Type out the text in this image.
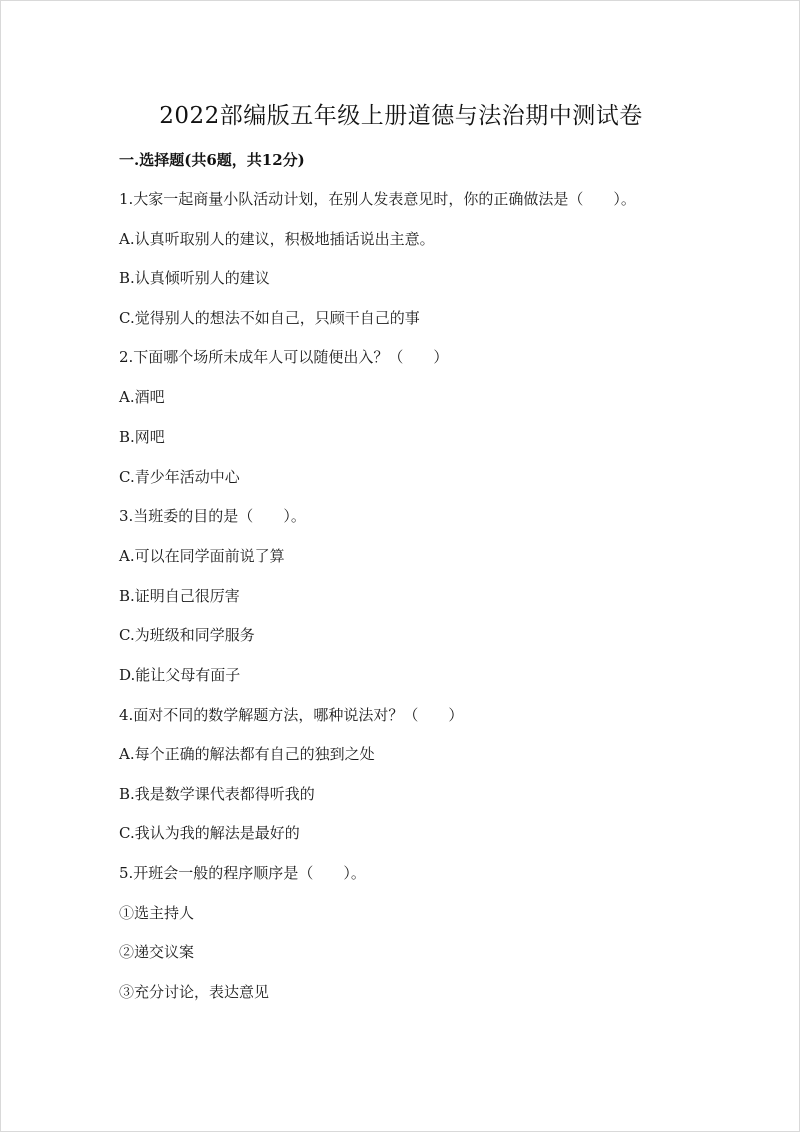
2022部编版五年级上册道德与法治期中测试卷
一.选择题(共6题，共12分)
1.大家一起商量小队活动计划，在别人发表意见时，你的正确做法是（　　）。
A.认真听取别人的建议，积极地插话说出主意。
B.认真倾听别人的建议
C.觉得别人的想法不如自己，只顾干自己的事
2.下面哪个场所未成年人可以随便出入？（　　）
A.酒吧
B.网吧
C.青少年活动中心
3.当班委的目的是（　　）。
A.可以在同学面前说了算
B.证明自己很厉害
C.为班级和同学服务
D.能让父母有面子
4.面对不同的数学解题方法，哪种说法对？（　　）
A.每个正确的解法都有自己的独到之处
B.我是数学课代表都得听我的
C.我认为我的解法是最好的
5.开班会一般的程序顺序是（　　）。
①选主持人
②递交议案
③充分讨论，表达意见
